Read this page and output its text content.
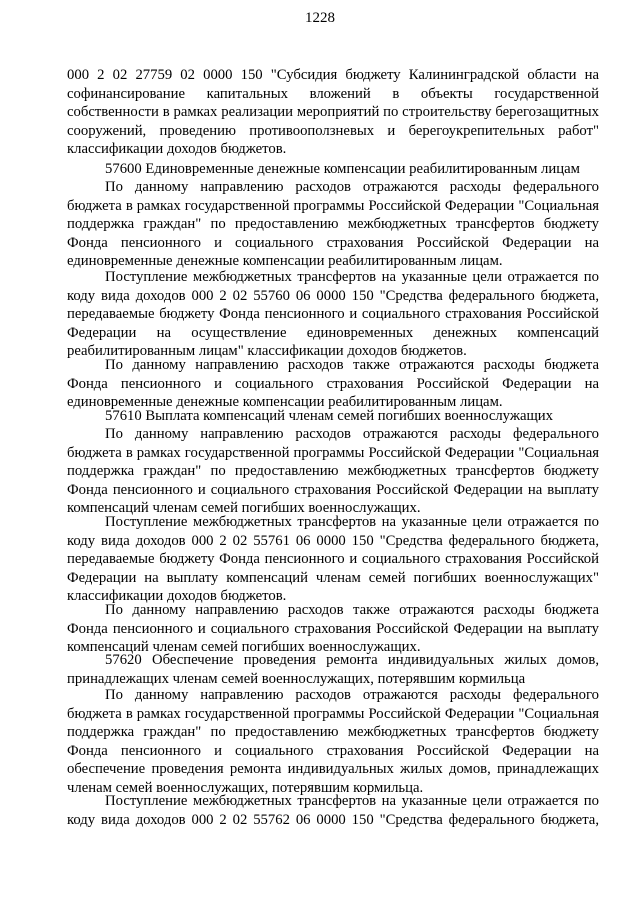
1228

000 2 02 27759 02 0000 150 "Субсидия бюджету Калининградской области на софинансирование капитальных вложений в объекты государственной собственности в рамках реализации мероприятий по строительству берегозащитных сооружений, проведению противооползневых и берегоукрепительных работ" классификации доходов бюджетов.

57600 Единовременные денежные компенсации реабилитированным лицам

По данному направлению расходов отражаются расходы федерального бюджета в рамках государственной программы Российской Федерации "Социальная поддержка граждан" по предоставлению межбюджетных трансфертов бюджету Фонда пенсионного и социального страхования Российской Федерации на единовременные денежные компенсации реабилитированным лицам.

Поступление межбюджетных трансфертов на указанные цели отражается по коду вида доходов 000 2 02 55760 06 0000 150 "Средства федерального бюджета, передаваемые бюджету Фонда пенсионного и социального страхования Российской Федерации на осуществление единовременных денежных компенсаций реабилитированным лицам" классификации доходов бюджетов.

По данному направлению расходов также отражаются расходы бюджета Фонда пенсионного и социального страхования Российской Федерации на единовременные денежные компенсации реабилитированным лицам.

57610 Выплата компенсаций членам семей погибших военнослужащих

По данному направлению расходов отражаются расходы федерального бюджета в рамках государственной программы Российской Федерации "Социальная поддержка граждан" по предоставлению межбюджетных трансфертов бюджету Фонда пенсионного и социального страхования Российской Федерации на выплату компенсаций членам семей погибших военнослужащих.

Поступление межбюджетных трансфертов на указанные цели отражается по коду вида доходов 000 2 02 55761 06 0000 150 "Средства федерального бюджета, передаваемые бюджету Фонда пенсионного и социального страхования Российской Федерации на выплату компенсаций членам семей погибших военнослужащих" классификации доходов бюджетов.

По данному направлению расходов также отражаются расходы бюджета Фонда пенсионного и социального страхования Российской Федерации на выплату компенсаций членам семей погибших военнослужащих.

57620 Обеспечение проведения ремонта индивидуальных жилых домов, принадлежащих членам семей военнослужащих, потерявшим кормильца

По данному направлению расходов отражаются расходы федерального бюджета в рамках государственной программы Российской Федерации "Социальная поддержка граждан" по предоставлению межбюджетных трансфертов бюджету Фонда пенсионного и социального страхования Российской Федерации на обеспечение проведения ремонта индивидуальных жилых домов, принадлежащих членам семей военнослужащих, потерявшим кормильца.

Поступление межбюджетных трансфертов на указанные цели отражается по коду вида доходов 000 2 02 55762 06 0000 150 "Средства федерального бюджета,
